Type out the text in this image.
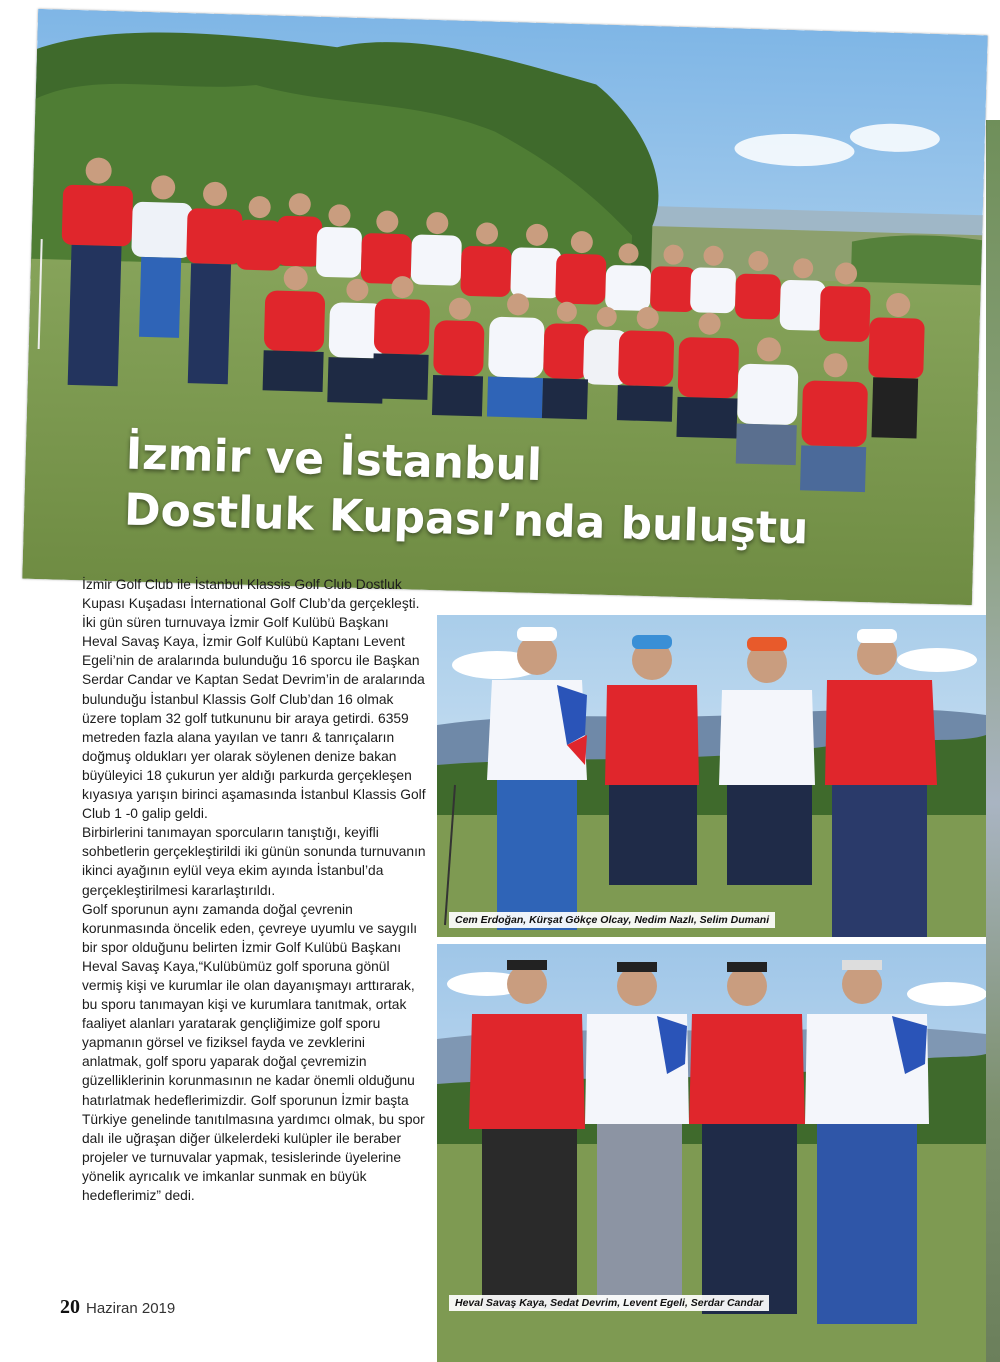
İzmir ve İstanbul
Dostluk Kupası’nda buluştu

İzmir Golf Club ile İstanbul Klassis Golf Club Dostluk Kupası Kuşadası İnternational Golf Club’da gerçekleşti.

İki gün süren turnuvaya İzmir Golf Kulübü Başkanı Heval Savaş Kaya, İzmir Golf Kulübü Kaptanı Levent Egeli’nin de aralarında bulunduğu 16 sporcu ile Başkan Serdar Candar ve Kaptan Sedat Devrim’in de aralarında bulunduğu İstanbul Klassis Golf Club’dan 16 olmak üzere toplam 32 golf tutkununu bir araya getirdi. 6359 metreden fazla alana yayılan ve tanrı & tanrıçaların doğmuş oldukları yer olarak söylenen denize bakan büyüleyici 18 çukurun yer aldığı parkurda gerçekleşen kıyasıya yarışın birinci aşamasında İstanbul Klassis Golf Club 1 -0 galip geldi.

Birbirlerini tanımayan sporcuların tanıştığı, keyifli sohbetlerin gerçekleştirildi iki günün sonunda turnuvanın ikinci ayağının eylül veya ekim ayında İstanbul’da gerçekleştirilmesi kararlaştırıldı.

Golf sporunun aynı zamanda doğal çevrenin korunmasında öncelik eden, çevreye uyumlu ve saygılı bir spor olduğunu belirten İzmir Golf Kulübü Başkanı Heval Savaş Kaya,“Kulübümüz golf sporuna gönül vermiş kişi ve kurumlar ile olan dayanışmayı arttırarak, bu sporu tanımayan kişi ve kurumlara tanıtmak, ortak faaliyet alanları yaratarak gençliğimize golf sporu yapmanın görsel ve fiziksel fayda ve zevklerini anlatmak, golf sporu yaparak doğal çevremizin güzelliklerinin korunmasının ne kadar önemli olduğunu hatırlatmak hedeflerimizdir. Golf sporunun İzmir başta Türkiye genelinde tanıtılmasına yardımcı olmak, bu spor dalı ile uğraşan diğer ülkelerdeki kulüpler ile beraber projeler ve turnuvalar yapmak, tesislerinde üyelerine yönelik ayrıcalık ve imkanlar sunmak en büyük hedeflerimiz” dedi.

20 Haziran 2019
Cem Erdoğan, Kürşat Gökçe Olcay, Nedim Nazlı, Selim Dumani
Heval Savaş Kaya, Sedat Devrim, Levent Egeli, Serdar Candar
